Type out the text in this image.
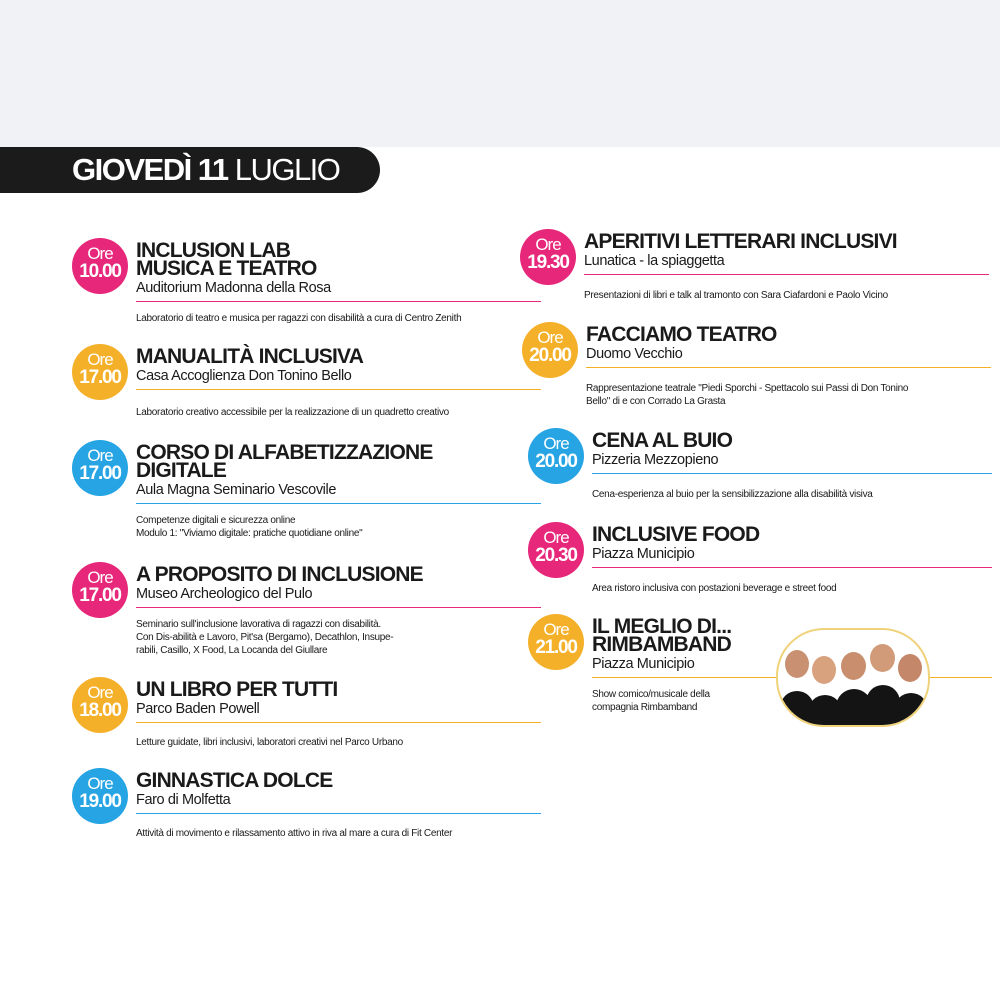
GIOVEDÌ 11 LUGLIO
Ore
10.00
INCLUSION LAB
MUSICA E TEATRO
Auditorium Madonna della Rosa
Laboratorio di teatro e musica per ragazzi con disabilità a cura di Centro Zenith
Ore
17.00
MANUALITÀ INCLUSIVA
Casa Accoglienza Don Tonino Bello
Laboratorio creativo accessibile per la realizzazione di un quadretto creativo
Ore
17.00
CORSO DI ALFABETIZZAZIONE
DIGITALE
Aula Magna Seminario Vescovile
Competenze digitali e sicurezza online
Modulo 1: "Viviamo digitale: pratiche quotidiane online"
Ore
17.00
A PROPOSITO DI INCLUSIONE
Museo Archeologico del Pulo
Seminario sull'inclusione lavorativa di ragazzi con disabilità.
Con Dis-abilità e Lavoro, Pit'sa (Bergamo), Decathlon, Insupe-
rabili, Casillo, X Food, La Locanda del Giullare
Ore
18.00
UN LIBRO PER TUTTI
Parco Baden Powell
Letture guidate, libri inclusivi, laboratori creativi nel Parco Urbano
Ore
19.00
GINNASTICA DOLCE
Faro di Molfetta
Attività di movimento e rilassamento attivo in riva al mare a cura di Fit Center
Ore
19.30
APERITIVI LETTERARI INCLUSIVI
Lunatica - la spiaggetta
Presentazioni di libri e talk al tramonto con Sara Ciafardoni e Paolo Vicino
Ore
20.00
FACCIAMO TEATRO
Duomo Vecchio
Rappresentazione teatrale "Piedi Sporchi - Spettacolo sui Passi di Don Tonino
Bello" di e con Corrado La Grasta
Ore
20.00
CENA AL BUIO
Pizzeria Mezzopieno
Cena-esperienza al buio per la sensibilizzazione alla disabilità visiva
Ore
20.30
INCLUSIVE FOOD
Piazza Municipio
Area ristoro inclusiva con postazioni beverage e street food
Ore
21.00
IL MEGLIO DI...
RIMBAMBAND
Piazza Municipio
Show comico/musicale della
compagnia Rimbamband
